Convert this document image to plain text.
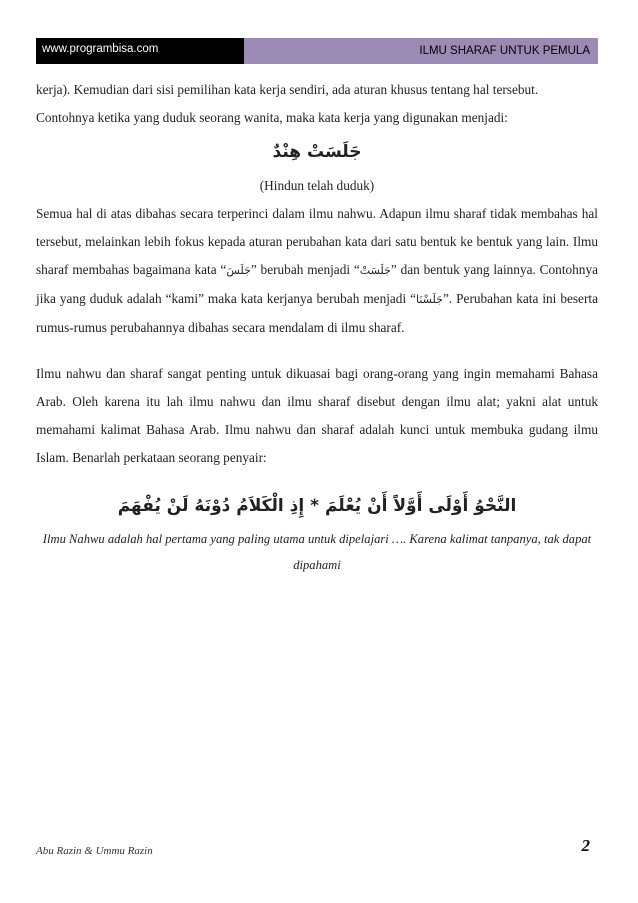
www.programbisa.com	ILMU SHARAF UNTUK PEMULA

kerja). Kemudian dari sisi pemilihan kata kerja sendiri, ada aturan khusus tentang hal tersebut.

Contohnya ketika yang duduk seorang wanita, maka kata kerja yang digunakan menjadi:

جَلَسَتْ هِنْدٌ

(Hindun telah duduk)

Semua hal di atas dibahas secara terperinci dalam ilmu nahwu. Adapun ilmu sharaf tidak membahas hal tersebut, melainkan lebih fokus kepada aturan perubahan kata dari satu bentuk ke bentuk yang lain. Ilmu sharaf membahas bagaimana kata “جَلَسَ” berubah menjadi “جَلَسَتْ” dan bentuk yang lainnya. Contohnya jika yang duduk adalah “kami” maka kata kerjanya berubah menjadi “جَلَسْنَا”. Perubahan kata ini beserta rumus-rumus perubahannya dibahas secara mendalam di ilmu sharaf.

Ilmu nahwu dan sharaf sangat penting untuk dikuasai bagi orang-orang yang ingin memahami Bahasa Arab. Oleh karena itu lah ilmu nahwu dan ilmu sharaf disebut dengan ilmu alat; yakni alat untuk memahami kalimat Bahasa Arab. Ilmu nahwu dan sharaf adalah kunci untuk membuka gudang ilmu Islam. Benarlah perkataan seorang penyair:

النَّحْوُ أَوْلَى أَوَّلاً أَنْ يُعْلَمَ * إِذِ الْكَلاَمُ دُوْنَهُ لَنْ يُفْهَمَ

Ilmu Nahwu adalah hal pertama yang paling utama untuk dipelajari …. Karena kalimat tanpanya, tak dapat dipahami

Abu Razin & Ummu Razin	2
